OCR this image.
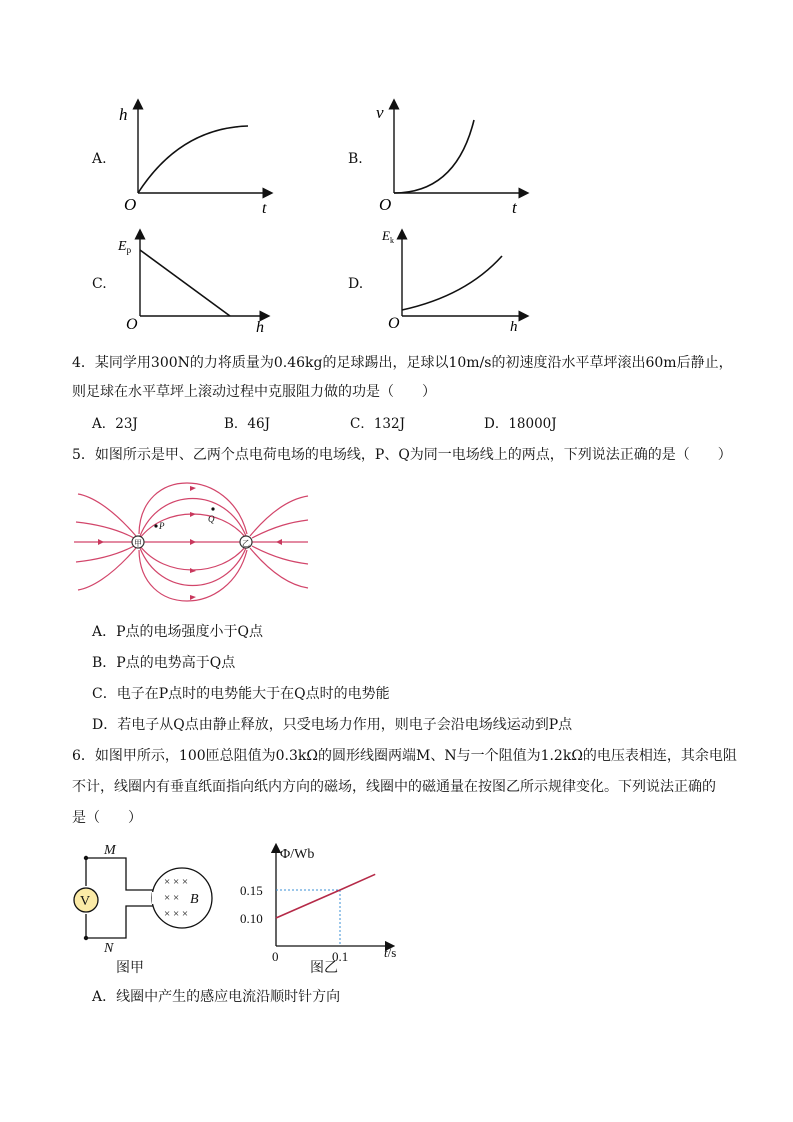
A.
h
t
O
B.
v
t
O
C.
$E_p$
h
O
D.
$E_k$
h
O
4．某同学用300N的力将质量为0.46kg的足球踢出，足球以10m/s的初速度沿水平草坪滚出60m后静止，
则足球在水平草坪上滚动过程中克服阻力做的功是（　　）
A．23J	B．46J	C．132J	D．18000J
5．如图所示是甲、乙两个点电荷电场的电场线，P、Q为同一电场线上的两点，下列说法正确的是（　　）
甲	乙
P
Q
A．P点的电场强度小于Q点
B．P点的电势高于Q点
C．电子在P点时的电势能大于在Q点时的电势能
D．若电子从Q点由静止释放，只受电场力作用，则电子会沿电场线运动到P点
6．如图甲所示，100匝总阻值为0.3kΩ的圆形线圈两端M、N与一个阻值为1.2kΩ的电压表相连，其余电阻
不计，线圈内有垂直纸面指向纸内方向的磁场，线圈中的磁通量在按图乙所示规律变化。下列说法正确的
是（　　）
V
M
N
× × ×
× ×
× × ×
B
图甲
Φ/Wb
t/s
0.15
0.10
0	0.1
图乙
A．线圈中产生的感应电流沿顺时针方向
